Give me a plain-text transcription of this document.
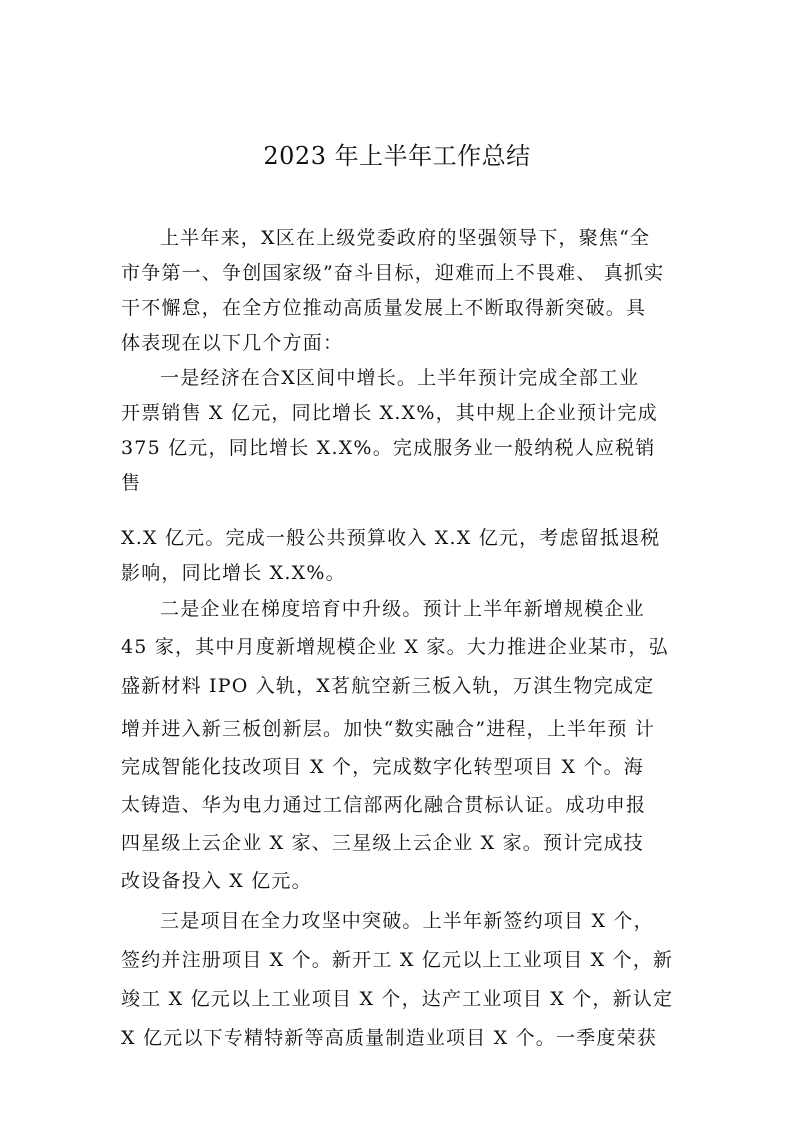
2023 年上半年工作总结
上半年来，X区在上级党委政府的坚强领导下，聚焦“全
市争第一、争创国家级”奋斗目标，迎难而上不畏难、 真抓实
干不懈怠，在全方位推动高质量发展上不断取得新突破。具
体表现在以下几个方面：
一是经济在合X区间中增长。上半年预计完成全部工业
开票销售 X 亿元，同比增长 X.X%，其中规上企业预计完成
375 亿元，同比增长 X.X%。完成服务业一般纳税人应税销
售
X.X 亿元。完成一般公共预算收入 X.X 亿元，考虑留抵退税
影响，同比增长 X.X%。
二是企业在梯度培育中升级。预计上半年新增规模企业
45 家，其中月度新增规模企业 X 家。大力推进企业某市，弘
盛新材料 IPO 入轨，X茗航空新三板入轨，万淇生物完成定
增并进入新三板创新层。加快“数实融合”进程，上半年预 计
完成智能化技改项目 X 个，完成数字化转型项目 X 个。海
太铸造、华为电力通过工信部两化融合贯标认证。成功申报
四星级上云企业 X 家、三星级上云企业 X 家。预计完成技
改设备投入 X 亿元。
三是项目在全力攻坚中突破。上半年新签约项目 X 个，
签约并注册项目 X 个。新开工 X 亿元以上工业项目 X 个，新
竣工 X 亿元以上工业项目 X 个，达产工业项目 X 个，新认定
X 亿元以下专精特新等高质量制造业项目 X 个。一季度荣获
